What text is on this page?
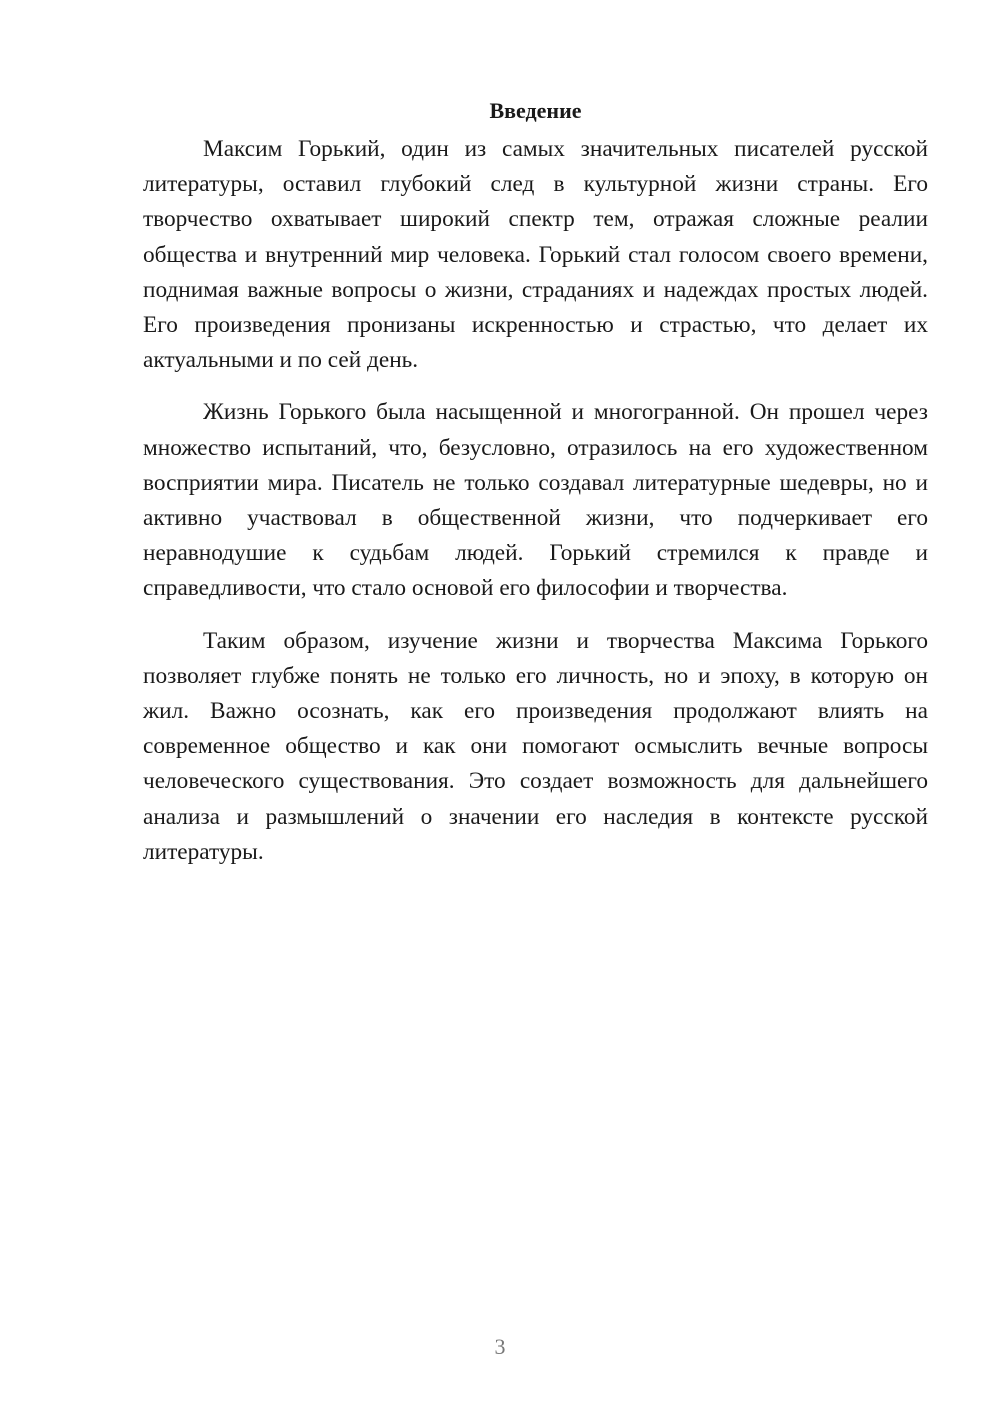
Введение

Максим Горький, один из самых значительных писателей русской литературы, оставил глубокий след в культурной жизни страны. Его творчество охватывает широкий спектр тем, отражая сложные реалии общества и внутренний мир человека. Горький стал голосом своего времени, поднимая важные вопросы о жизни, страданиях и надеждах простых людей. Его произведения пронизаны искренностью и страстью, что делает их актуальными и по сей день.

Жизнь Горького была насыщенной и многогранной. Он прошел через множество испытаний, что, безусловно, отразилось на его художественном восприятии мира. Писатель не только создавал литературные шедевры, но и активно участвовал в общественной жизни, что подчеркивает его неравнодушие к судьбам людей. Горький стремился к правде и справедливости, что стало основой его философии и творчества.

Таким образом, изучение жизни и творчества Максима Горького позволяет глубже понять не только его личность, но и эпоху, в которую он жил. Важно осознать, как его произведения продолжают влиять на современное общество и как они помогают осмыслить вечные вопросы человеческого существования. Это создает возможность для дальнейшего анализа и размышлений о значении его наследия в контексте русской литературы.

3
